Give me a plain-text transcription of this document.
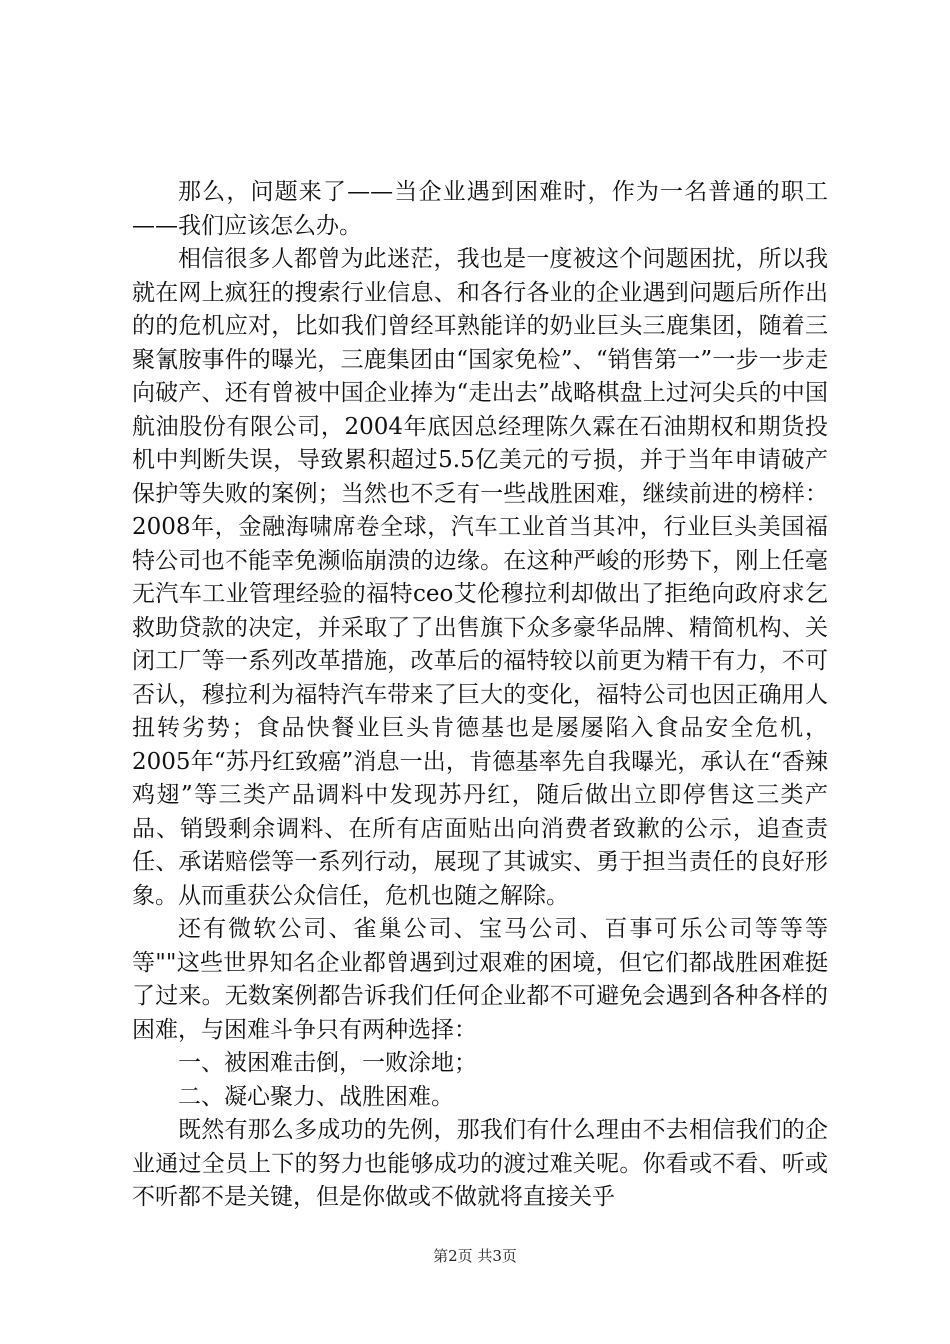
那么，问题来了——当企业遇到困难时，作为一名普通的职工——我们应该怎么办。

相信很多人都曾为此迷茫，我也是一度被这个问题困扰，所以我就在网上疯狂的搜索行业信息、和各行各业的企业遇到问题后所作出的的危机应对，比如我们曾经耳熟能详的奶业巨头三鹿集团，随着三聚氰胺事件的曝光，三鹿集团由“国家免检”、“销售第一”一步一步走向破产、还有曾被中国企业捧为“走出去”战略棋盘上过河尖兵的中国航油股份有限公司，2004年底因总经理陈久霖在石油期权和期货投机中判断失误，导致累积超过5.5亿美元的亏损，并于当年申请破产保护等失败的案例；当然也不乏有一些战胜困难，继续前进的榜样：2008年，金融海啸席卷全球，汽车工业首当其冲，行业巨头美国福特公司也不能幸免濒临崩溃的边缘。在这种严峻的形势下，刚上任毫无汽车工业管理经验的福特ceo艾伦穆拉利却做出了拒绝向政府求乞救助贷款的决定，并采取了了出售旗下众多豪华品牌、精简机构、关闭工厂等一系列改革措施，改革后的福特较以前更为精干有力，不可否认，穆拉利为福特汽车带来了巨大的变化，福特公司也因正确用人扭转劣势；食品快餐业巨头肯德基也是屡屡陷入食品安全危机，2005年“苏丹红致癌”消息一出，肯德基率先自我曝光，承认在“香辣鸡翅”等三类产品调料中发现苏丹红，随后做出立即停售这三类产品、销毁剩余调料、在所有店面贴出向消费者致歉的公示，追查责任、承诺赔偿等一系列行动，展现了其诚实、勇于担当责任的良好形象。从而重获公众信任，危机也随之解除。

还有微软公司、雀巢公司、宝马公司、百事可乐公司等等等等""这些世界知名企业都曾遇到过艰难的困境，但它们都战胜困难挺了过来。无数案例都告诉我们任何企业都不可避免会遇到各种各样的困难，与困难斗争只有两种选择：

一、被困难击倒，一败涂地；

二、凝心聚力、战胜困难。

既然有那么多成功的先例，那我们有什么理由不去相信我们的企业通过全员上下的努力也能够成功的渡过难关呢。你看或不看、听或不听都不是关键，但是你做或不做就将直接关乎

第2页 共3页
